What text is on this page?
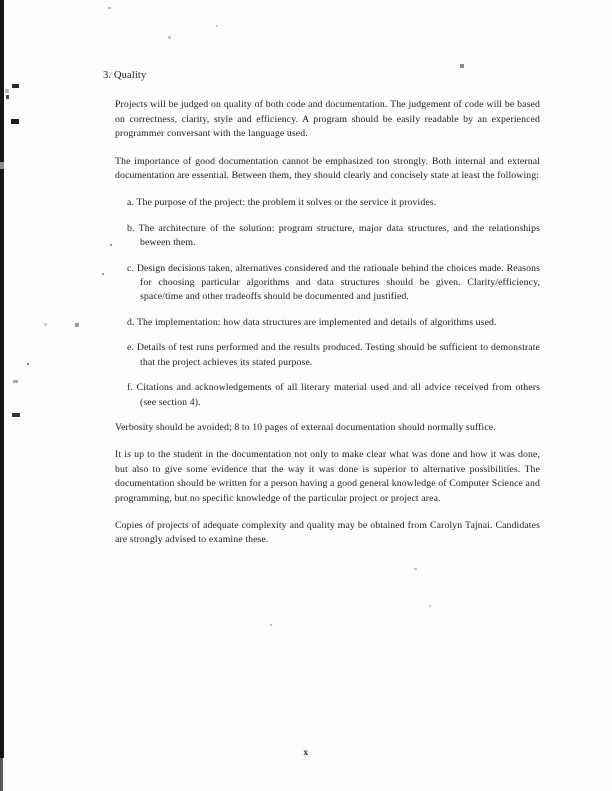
3. Quality

Projects will be judged on quality of both code and documentation. The judgement of code will be based on correctness, clarity, style and efficiency. A program should be easily readable by an experienced programmer conversant with the language used.

The importance of good documentation cannot be emphasized too strongly. Both internal and external documentation are essential. Between them, they should clearly and concisely state at least the following:

a. The purpose of the project: the problem it solves or the service it provides.
b. The architecture of the solution: program structure, major data structures, and the relationships beween them.
c. Design decisions taken, alternatives considered and the rationale behind the choices made. Reasons for choosing particular algorithms and data structures should be given. Clarity/efficiency, space/time and other tradeoffs should be documented and justified.
d. The implementation: how data structures are implemented and details of algorithms used.
e. Details of test runs performed and the results produced. Testing should be sufficient to demonstrate that the project achieves its stated purpose.
f. Citations and acknowledgements of all literary material used and all advice received from others (see section 4).

Verbosity should be avoided; 8 to 10 pages of external documentation should normally suffice.

It is up to the student in the documentation not only to make clear what was done and how it was done, but also to give some evidence that the way it was done is superior to alternative possibilities. The documentation should be written for a person having a good general knowledge of Computer Science and programming, but no specific knowledge of the particular project or project area.

Copies of projects of adequate complexity and quality may be obtained from Carolyn Tajnai. Candidates are strongly advised to examine these.

x
